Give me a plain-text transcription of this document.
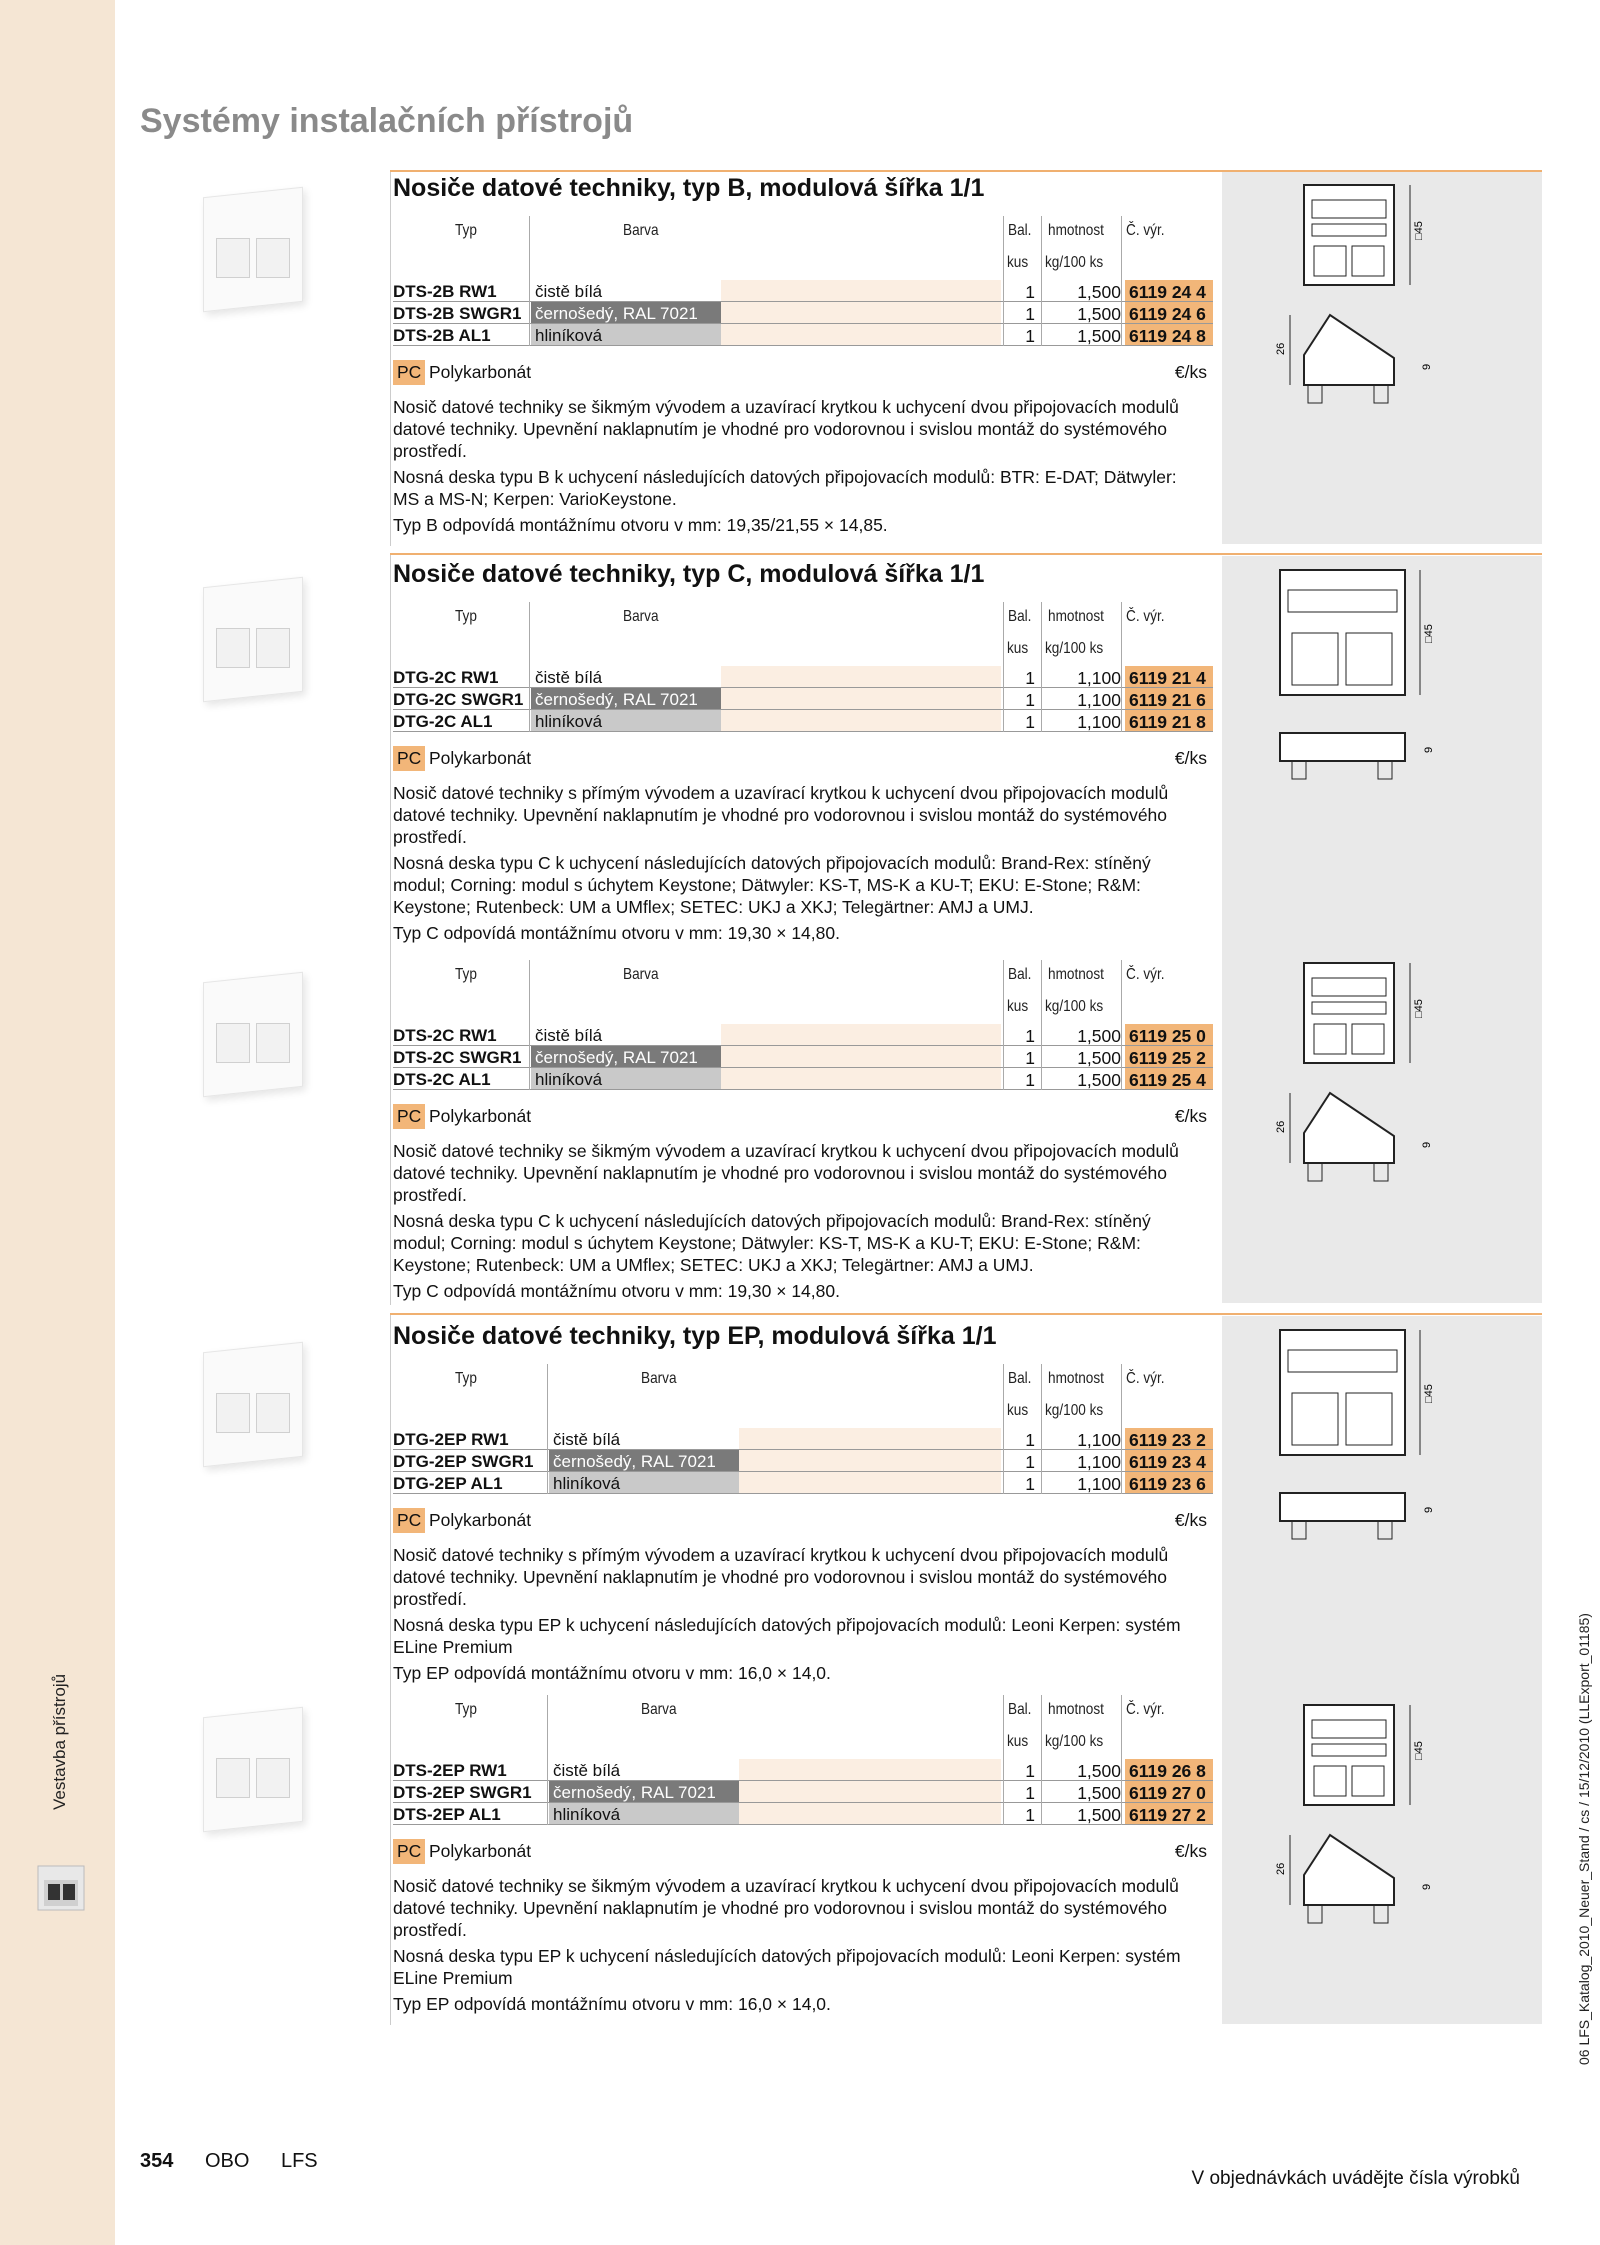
Vestavba přístrojů
Systémy instalačních přístrojů
□45
26
9
□45
9
□45
26
9
□45
9
□45
26
9
Nosiče datové techniky, typ B, modulová šířka 1/1
Typ	Barva	Bal. hmotnost Č. výr.
kus kg/100 ks
DTS-2B RW1 čistě bílá	1	1,500 6119 24 4
DTS-2B SWGR1 černošedý, RAL 7021	1	1,500 6119 24 6
DTS-2B AL1	hliníková	1	1,500 6119 24 8
PC Polykarbonát	€/ks

Nosič datové techniky se šikmým vývodem a uzavírací krytkou k uchycení dvou připojovacích modulů datové techniky. Upevnění naklapnutím je vhodné pro vodorovnou i svislou montáž do systémového prostředí.

Nosná deska typu B k uchycení následujících datových připojovacích modulů: BTR: E-DAT; Dätwyler: MS a MS-N; Kerpen: VarioKeystone.

Typ B odpovídá montážnímu otvoru v mm: 19,35/21,55 × 14,85.

Nosiče datové techniky, typ C, modulová šířka 1/1
Typ	Barva	Bal. hmotnost Č. výr.
kus kg/100 ks
DTG-2C RW1 čistě bílá	1	1,100 6119 21 4
DTG-2C SWGR1 černošedý, RAL 7021	1	1,100 6119 21 6
DTG-2C AL1	hliníková	1	1,100 6119 21 8
PC Polykarbonát	€/ks

Nosič datové techniky s přímým vývodem a uzavírací krytkou k uchycení dvou připojovacích modulů datové techniky. Upevnění naklapnutím je vhodné pro vodorovnou i svislou montáž do systémového prostředí.

Nosná deska typu C k uchycení následujících datových připojovacích modulů: Brand-Rex: stíněný modul; Corning: modul s úchytem Keystone; Dätwyler: KS-T, MS-K a KU-T; EKU: E-Stone; R&M: Keystone; Rutenbeck: UM a UMflex; SETEC: UKJ a XKJ; Telegärtner: AMJ a UMJ.

Typ C odpovídá montážnímu otvoru v mm: 19,30 × 14,80.

Typ	Barva	Bal. hmotnost Č. výr.
kus kg/100 ks
DTS-2C RW1 čistě bílá	1	1,500 6119 25 0
DTS-2C SWGR1 černošedý, RAL 7021	1	1,500 6119 25 2
DTS-2C AL1	hliníková	1	1,500 6119 25 4
PC Polykarbonát	€/ks

Nosič datové techniky se šikmým vývodem a uzavírací krytkou k uchycení dvou připojovacích modulů datové techniky. Upevnění naklapnutím je vhodné pro vodorovnou i svislou montáž do systémového prostředí.

Nosná deska typu C k uchycení následujících datových připojovacích modulů: Brand-Rex: stíněný modul; Corning: modul s úchytem Keystone; Dätwyler: KS-T, MS-K a KU-T; EKU: E-Stone; R&M: Keystone; Rutenbeck: UM a UMflex; SETEC: UKJ a XKJ; Telegärtner: AMJ a UMJ.

Typ C odpovídá montážnímu otvoru v mm: 19,30 × 14,80.

Nosiče datové techniky, typ EP, modulová šířka 1/1
Typ	Barva	Bal. hmotnost Č. výr.
kus kg/100 ks
DTG-2EP RW1	čistě bílá	1	1,100 6119 23 2
DTG-2EP SWGR1 černošedý, RAL 7021	1	1,100 6119 23 4
DTG-2EP AL1	hliníková	1	1,100 6119 23 6
PC Polykarbonát	€/ks

Nosič datové techniky s přímým vývodem a uzavírací krytkou k uchycení dvou připojovacích modulů datové techniky. Upevnění naklapnutím je vhodné pro vodorovnou i svislou montáž do systémového prostředí.

Nosná deska typu EP k uchycení následujících datových připojovacích modulů: Leoni Kerpen: systém ELine Premium

Typ EP odpovídá montážnímu otvoru v mm: 16,0 × 14,0.

Typ	Barva	Bal. hmotnost Č. výr.
kus kg/100 ks
DTS-2EP RW1	čistě bílá	1	1,500 6119 26 8
DTS-2EP SWGR1 černošedý, RAL 7021	1	1,500 6119 27 0
DTS-2EP AL1	hliníková	1	1,500 6119 27 2
PC Polykarbonát	€/ks

Nosič datové techniky se šikmým vývodem a uzavírací krytkou k uchycení dvou připojovacích modulů datové techniky. Upevnění naklapnutím je vhodné pro vodorovnou i svislou montáž do systémového prostředí.

Nosná deska typu EP k uchycení následujících datových připojovacích modulů: Leoni Kerpen: systém ELine Premium

Typ EP odpovídá montážnímu otvoru v mm: 16,0 × 14,0.

354 OBO LFS
V objednávkách uvádějte čísla výrobků
06 LFS_Katalog_2010_Neuer_Stand / cs / 15/12/2010 (LLExport_01185)
